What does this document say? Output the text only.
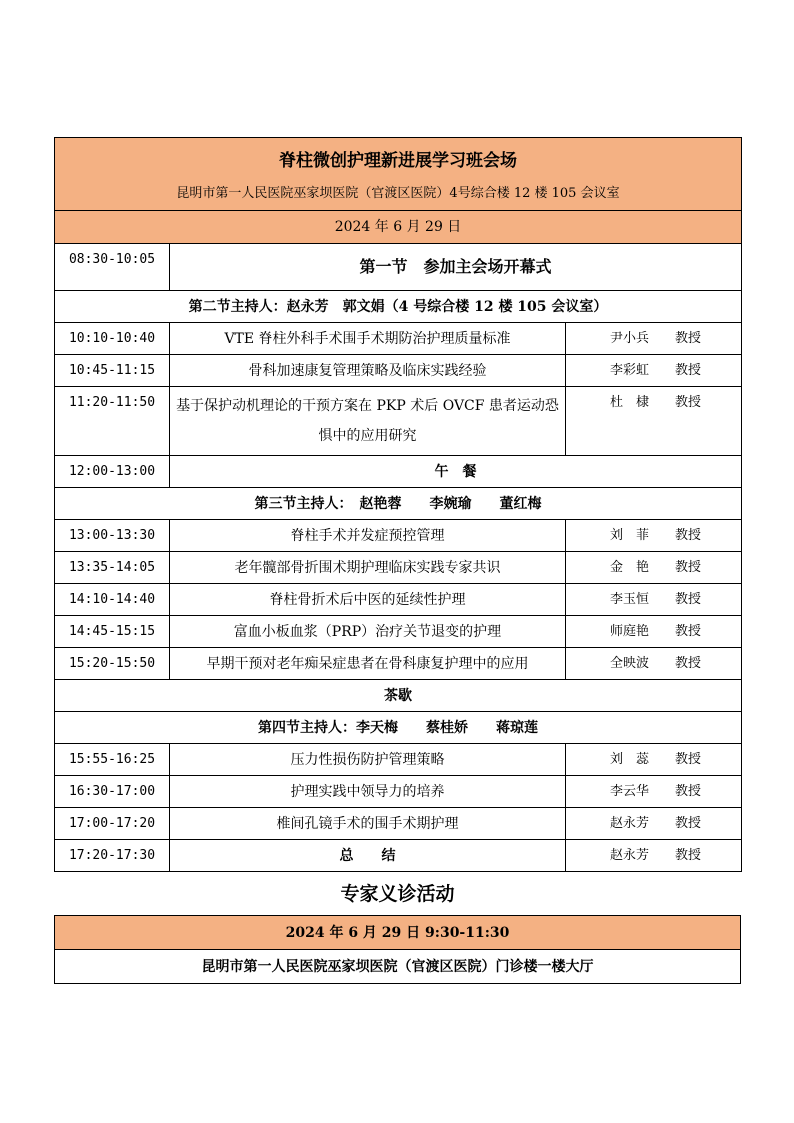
脊柱微创护理新进展学习班会场
昆明市第一人民医院巫家坝医院（官渡区医院）4号综合楼 12 楼 105 会议室		

2024 年 6 月 29 日		
08:30-10:05	第一节　参加主会场开幕式	
第二节主持人：赵永芳　郭文娟（4 号综合楼 12 楼 105 会议室）		
10:10-10:40	VTE 脊柱外科手术围手术期防治护理质量标准	尹小兵　　教授
10:45-11:15	骨科加速康复管理策略及临床实践经验	李彩虹　　教授
11:20-11:50	基于保护动机理论的干预方案在 PKP 术后 OVCF 患者运动恐惧中的应用研究	杜　棣　　教授
12:00-13:00	午　餐	
第三节主持人：　赵艳蓉　　李婉瑜　　董红梅		
13:00-13:30	脊柱手术并发症预控管理	刘　菲　　教授
13:35-14:05	老年髋部骨折围术期护理临床实践专家共识	金　艳　　教授
14:10-14:40	脊柱骨折术后中医的延续性护理	李玉恒　　教授
14:45-15:15	富血小板血浆（PRP）治疗关节退变的护理	师庭艳　　教授
15:20-15:50	早期干预对老年痴呆症患者在骨科康复护理中的应用	全映波　　教授
茶歇		
第四节主持人：李天梅　　蔡桂娇　　蒋琼莲		
15:55-16:25	压力性损伤防护管理策略	刘　蕊　　教授
16:30-17:00	护理实践中领导力的培养	李云华　　教授
17:00-17:20	椎间孔镜手术的围手术期护理	赵永芳　　教授
17:20-17:30	总　　结	赵永芳　　教授
专家义诊活动
2024 年 6 月 29 日 9:30-11:30
昆明市第一人民医院巫家坝医院（官渡区医院）门诊楼一楼大厅
